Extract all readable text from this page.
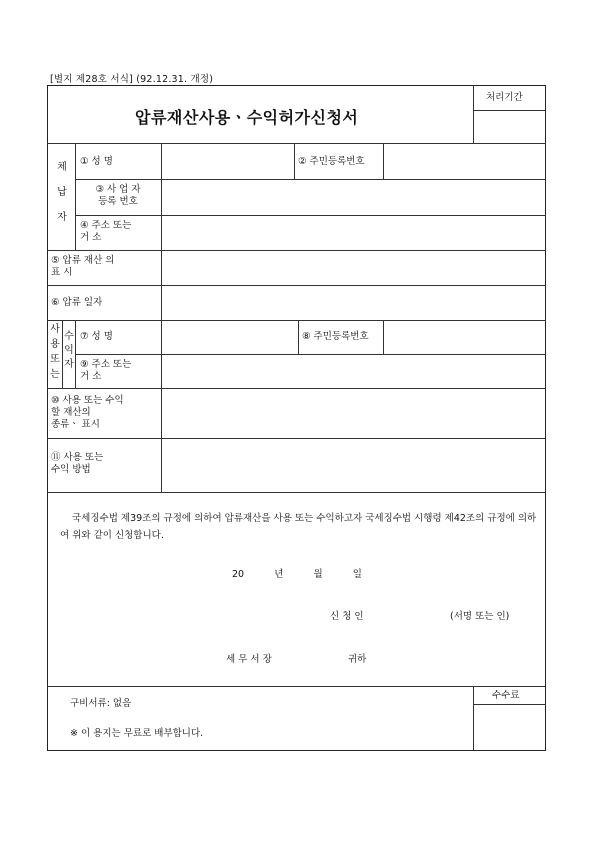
[별지 제28호 서식] (92.12.31. 개정)
압류재산사용ㆍ수익허가신청서
처리기간
체
납
자
① 성 명	② 주민등록번호
③ 사 업 자
등록 번호
④ 주소 또는
거 소
⑤ 압류 재산 의
표 시
⑥ 압류 일자
사
용
또
는
수
익
자
⑦ 성 명	⑧ 주민등록번호
⑨ 주소 또는
거 소
⑩ 사용 또는 수익
할 재산의
종류ㆍ 표시
⑪ 사용 또는
수익 방법
국세징수법 제39조의 규정에 의하여 압류재산을 사용 또는 수익하고자 국세징수법 시행령 제42조의 규정에 의하여 위와 같이 신청합니다.
20	년	월	일
신 청 인	(서명 또는 인)
세 무 서 장	귀하
구비서류: 없음
※ 이 용지는 무료로 배부합니다.
수수료
